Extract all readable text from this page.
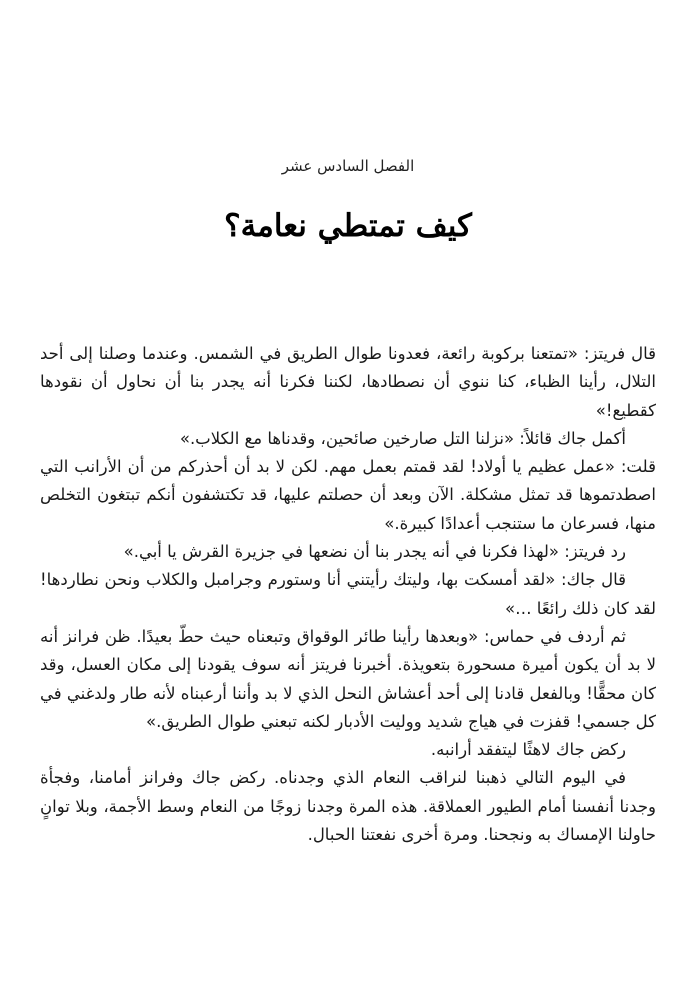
الفصل السادس عشر
كيف تمتطي نعامة؟

قال فريتز: «تمتعنا بركوبة رائعة، فعدونا طوال الطريق في الشمس. وعندما وصلنا إلى أحد التلال، رأينا الظباء، كنا ننوي أن نصطادها، لكننا فكرنا أنه يجدر بنا أن نحاول أن نقودها كقطيع!»

أكمل جاك قائلاً: «نزلنا التل صارخين صائحين، وقدناها مع الكلاب.»

قلت: «عمل عظيم يا أولاد! لقد قمتم بعمل مهم. لكن لا بد أن أحذركم من أن الأرانب التي اصطدتموها قد تمثل مشكلة. الآن وبعد أن حصلتم عليها، قد تكتشفون أنكم تبتغون التخلص منها، فسرعان ما ستنجب أعدادًا كبيرة.»

رد فريتز: «لهذا فكرنا في أنه يجدر بنا أن نضعها في جزيرة القرش يا أبي.»

قال جاك: «لقد أمسكت بها، وليتك رأيتني أنا وستورم وجرامبل والكلاب ونحن نطاردها! لقد كان ذلك رائعًا …»

ثم أردف في حماس: «وبعدها رأينا طائر الوقواق وتبعناه حيث حطّ بعيدًا. ظن فرانز أنه لا بد أن يكون أميرة مسحورة بتعويذة. أخبرنا فريتز أنه سوف يقودنا إلى مكان العسل، وقد كان محقًّا! وبالفعل قادنا إلى أحد أعشاش النحل الذي لا بد وأننا أرعبناه لأنه طار ولدغني في كل جسمي! قفزت في هياج شديد ووليت الأدبار لكنه تبعني طوال الطريق.»

ركض جاك لاهثًا ليتفقد أرانبه.

في اليوم التالي ذهبنا لنراقب النعام الذي وجدناه. ركض جاك وفرانز أمامنا، وفجأة وجدنا أنفسنا أمام الطيور العملاقة. هذه المرة وجدنا زوجًا من النعام وسط الأجمة، وبلا توانٍ حاولنا الإمساك به ونجحنا. ومرة أخرى نفعتنا الحبال.
